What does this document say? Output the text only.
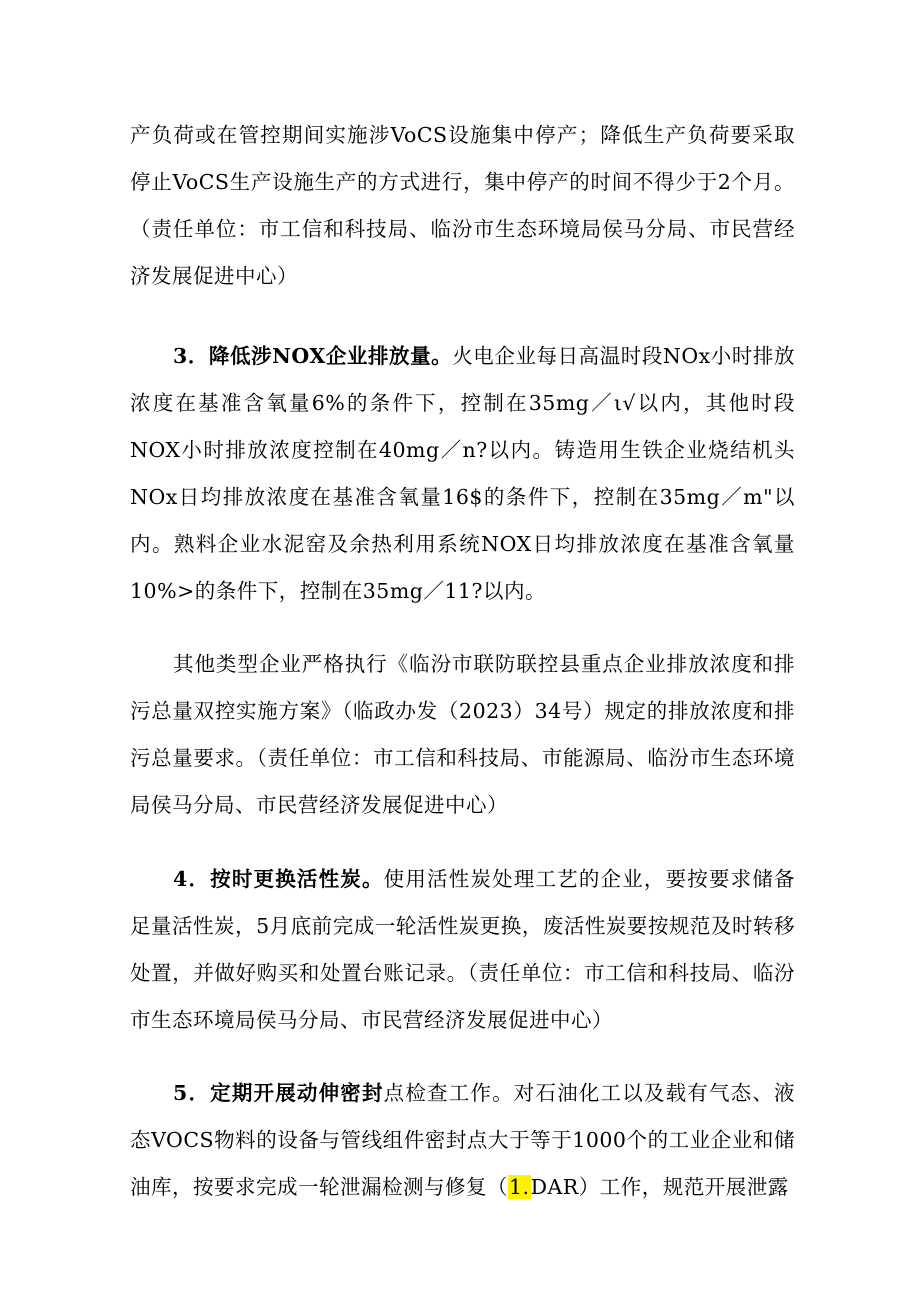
产负荷或在管控期间实施涉VoCS设施集中停产；降低生产负荷要采取停止VoCS生产设施生产的方式进行，集中停产的时间不得少于2个月。（责任单位：市工信和科技局、临汾市生态环境局侯马分局、市民营经济发展促进中心）

3．降低涉NOX企业排放量。火电企业每日高温时段NOx小时排放浓度在基准含氧量6%的条件下，控制在35mg／ι√以内，其他时段NOX小时排放浓度控制在40mg／n?以内。铸造用生铁企业烧结机头NOx日均排放浓度在基准含氧量16$的条件下，控制在35mg／m"以内。熟料企业水泥窑及余热利用系统NOX日均排放浓度在基准含氧量10%>的条件下，控制在35mg／11?以内。

其他类型企业严格执行《临汾市联防联控县重点企业排放浓度和排污总量双控实施方案》（临政办发（2023）34号）规定的排放浓度和排污总量要求。（责任单位：市工信和科技局、市能源局、临汾市生态环境局侯马分局、市民营经济发展促进中心）

4．按时更换活性炭。使用活性炭处理工艺的企业，要按要求储备足量活性炭，5月底前完成一轮活性炭更换，废活性炭要按规范及时转移处置，并做好购买和处置台账记录。（责任单位：市工信和科技局、临汾市生态环境局侯马分局、市民营经济发展促进中心）

5．定期开展动伸密封点检查工作。对石油化工以及载有气态、液态VOCS物料的设备与管线组件密封点大于等于1000个的工业企业和储油库，按要求完成一轮泄漏检测与修复（1.DAR）工作，规范开展泄露
